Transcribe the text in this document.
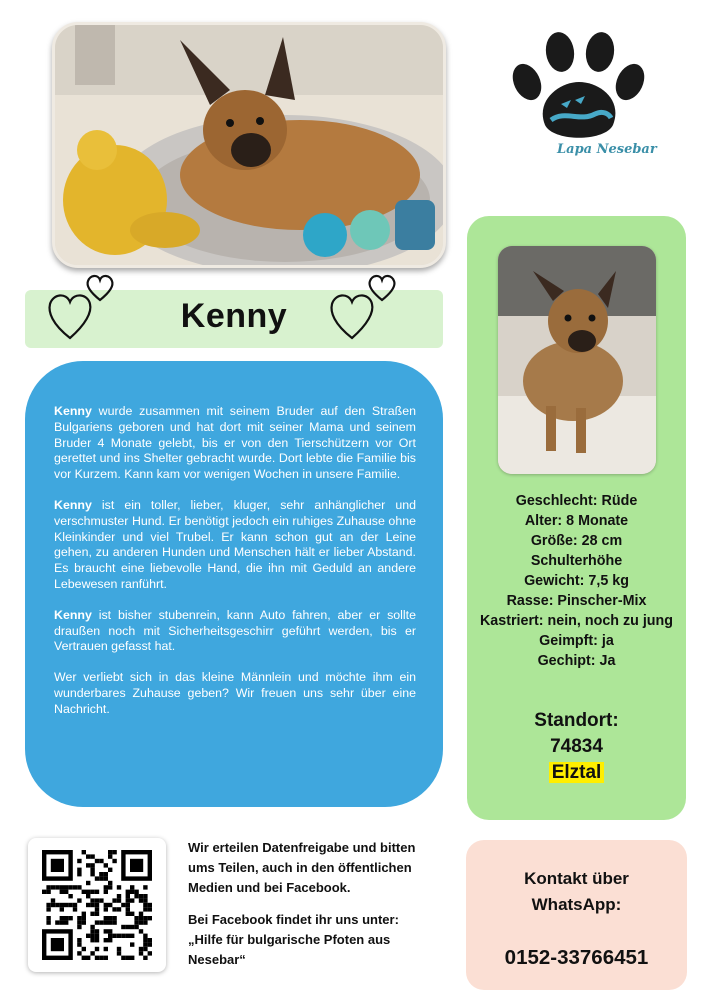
Lapa Nesebar
Kenny

Kenny wurde zusammen mit seinem Bruder auf den Straßen Bulgariens geboren und hat dort mit seiner Mama und seinem Bruder 4 Monate gelebt, bis er von den Tierschützern vor Ort gerettet und ins Shelter gebracht wurde. Dort lebte die Familie bis vor Kurzem. Kann kam vor wenigen Wochen in unsere Familie.

Kenny ist ein toller, lieber, kluger, sehr anhänglicher und verschmuster Hund. Er benötigt jedoch ein ruhiges Zuhause ohne Kleinkinder und viel Trubel. Er kann schon gut an der Leine gehen, zu anderen Hunden und Menschen hält er lieber Abstand. Es braucht eine liebevolle Hand, die ihn mit Geduld an andere Lebewesen ranführt.

Kenny ist bisher stubenrein, kann Auto fahren, aber er sollte draußen noch mit Sicherheitsgeschirr geführt werden, bis er Vertrauen gefasst hat.

Wer verliebt sich in das kleine Männlein und möchte ihm ein wunderbares Zuhause geben? Wir freuen uns sehr über eine Nachricht.

Geschlecht: Rüde
Alter: 8 Monate
Größe: 28 cm
Schulterhöhe
Gewicht: 7,5 kg
Rasse: Pinscher-Mix
Kastriert: nein, noch zu jung
Geimpft: ja
Gechipt: Ja
Standort:
74834
Elztal

Wir erteilen Datenfreigabe und bitten ums Teilen, auch in den öffentlichen Medien und bei Facebook.

Bei Facebook findet ihr uns unter:
„Hilfe für bulgarische Pfoten aus Nesebar“

Kontakt über
WhatsApp:
0152-33766451
